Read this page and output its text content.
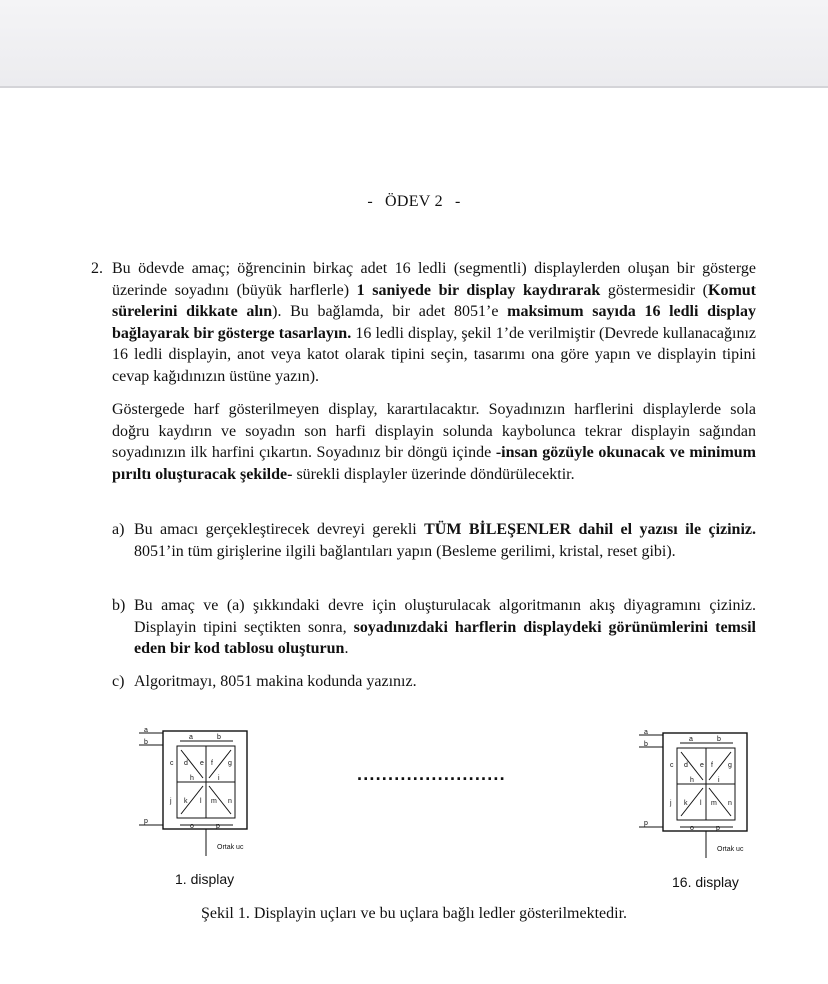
- ÖDEV 2 -
2. Bu ödevde amaç; öğrencinin birkaç adet 16 ledli (segmentli) displaylerden oluşan bir gösterge üzerinde soyadını (büyük harflerle) 1 saniyede bir display kaydırarak göstermesidir (Komut sürelerini dikkate alın). Bu bağlamda, bir adet 8051’e maksimum sayıda 16 ledli display bağlayarak bir gösterge tasarlayın. 16 ledli display, şekil 1’de verilmiştir (Devrede kullanacağınız 16 ledli displayin, anot veya katot olarak tipini seçin, tasarımı ona göre yapın ve displayin tipini cevap kağıdınızın üstüne yazın).
Göstergede harf gösterilmeyen display, karartılacaktır. Soyadınızın harflerini displaylerde sola doğru kaydırın ve soyadın son harfi displayin solunda kaybolunca tekrar displayin sağından soyadınızın ilk harfini çıkartın. Soyadınız bir döngü içinde -insan gözüyle okunacak ve minimum pırıltı oluşturacak şekilde- sürekli displayler üzerinde döndürülecektir.
a) Bu amacı gerçekleştirecek devreyi gerekli TÜM BİLEŞENLER dahil el yazısı ile çiziniz. 8051’in tüm girişlerine ilgili bağlantıları yapın (Besleme gerilimi, kristal, reset gibi).
b) Bu amaç ve (a) şıkkındaki devre için oluşturulacak algoritmanın akış diyagramını çiziniz. Displayin tipini seçtikten sonra, soyadınızdaki harflerin displaydeki görünümlerini temsil eden bir kod tablosu oluşturun.
c) Algoritmayı, 8051 makina kodunda yazınız.
a
b
p
a	b
c d e f g
h	i
j k l m n
o	p
Ortak uc
........................
a
b
p
a	b
c d e f g
h	i
j k l m n
o	p
Ortak uc
1. display	16. display
Şekil 1. Displayin uçları ve bu uçlara bağlı ledler gösterilmektedir.
